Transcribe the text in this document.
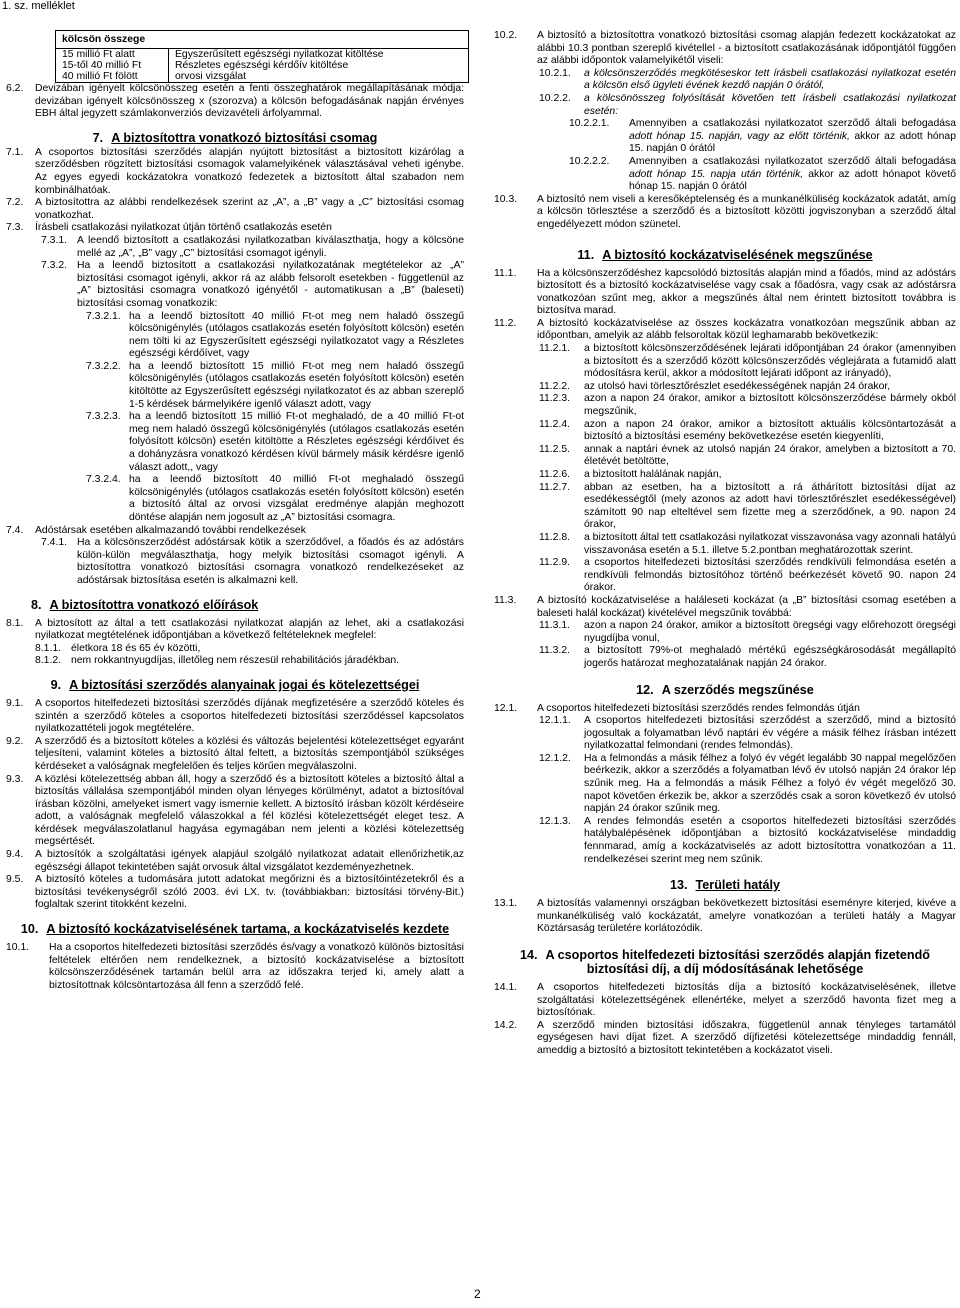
1. sz. melléklet
kölcsön összege	
15 millió Ft alatt	Egyszerűsített egészségi nyilatkozat kitöltése
15-től 40 millió Ft	Részletes egészségi kérdőív kitöltése
40 millió Ft fölött	orvosi vizsgálat
6.2.	Devizában igényelt kölcsönösszeg esetén a fenti összeghatárok megállapításának módja: devizában igényelt kölcsönösszeg x (szorozva) a kölcsön befogadásának napján érvényes EBH által jegyzett számlakonverziós devizavételi árfolyammal.
7. A biztosítottra vonatkozó biztosítási csomag
7.1.	A csoportos biztosítási szerződés alapján nyújtott biztosítást a biztosított kizárólag a szerződésben rögzített biztosítási csomagok valamelyikének választásával veheti igénybe. Az egyes egyedi kockázatokra vonatkozó fedezetek a biztosított által szabadon nem kombinálhatóak.
7.2.	A biztosítottra az alábbi rendelkezések szerint az „A”, a „B” vagy a „C” biztosítási csomag vonatkozhat.
7.3.	Írásbeli csatlakozási nyilatkozat útján történő csatlakozás esetén
7.3.1. A leendő biztosított a csatlakozási nyilatkozatban kiválaszthatja, hogy a kölcsöne mellé az „A”, „B” vagy „C” biztosítási csomagot igényli.
7.3.2. Ha a leendő biztosított a csatlakozási nyilatkozatának megtételekor az „A” biztosítási csomagot igényli, akkor rá az alább felsorolt esetekben - függetlenül az „A” biztosítási csomagra vonatkozó igényétől - automatikusan a „B” (baleseti) biztosítási csomag vonatkozik:
7.3.2.1. ha a leendő biztosított 40 millió Ft-ot meg nem haladó összegű kölcsönigénylés (utólagos csatlakozás esetén folyósított kölcsön) esetén nem tölti ki az Egyszerűsített egészségi nyilatkozatot vagy a Részletes egészségi kérdőívet, vagy
7.3.2.2. ha a leendő biztosított 15 millió Ft-ot meg nem haladó összegű kölcsönigénylés (utólagos csatlakozás esetén folyósított kölcsön) esetén kitöltötte az Egyszerűsített egészségi nyilatkozatot és az abban szereplő 1-5 kérdések bármelyikére igenlő választ adott, vagy
7.3.2.3. ha a leendő biztosított 15 millió Ft-ot meghaladó, de a 40 millió Ft-ot meg nem haladó összegű kölcsönigénylés (utólagos csatlakozás esetén folyósított kölcsön) esetén kitöltötte a Részletes egészségi kérdőívet és a dohányzásra vonatkozó kérdésen kívül bármely másik kérdésre igenlő választ adott,, vagy
7.3.2.4. ha a leendő biztosított 40 millió Ft-ot meghaladó összegű kölcsönigénylés (utólagos csatlakozás esetén folyósított kölcsön) esetén a biztosító által az orvosi vizsgálat eredménye alapján meghozott döntése alapján nem jogosult az „A” biztosítási csomagra.
7.4.	Adóstársak esetében alkalmazandó további rendelkezések
7.4.1. Ha a kölcsönszerződést adóstársak kötik a szerződővel, a főadós és az adóstárs külön-külön megválaszthatja, hogy melyik biztosítási csomagot igényli. A biztosítottra vonatkozó biztosítási csomagra vonatkozó rendelkezéseket az adóstársak biztosítása esetén is alkalmazni kell.
8. A biztosítottra vonatkozó előírások
8.1.	A biztosított az által a tett csatlakozási nyilatkozat alapján az lehet, aki a csatlakozási nyilatkozat megtételének időpontjában a következő feltételeknek megfelel:
8.1.1. életkora 18 és 65 év közötti,
8.1.2. nem rokkantnyugdíjas, illetőleg nem részesül rehabilitációs járadékban.
9. A biztosítási szerződés alanyainak jogai és kötelezettségei
9.1.	A csoportos hitelfedezeti biztosítási szerződés díjának megfizetésére a szerződő köteles és szintén a szerződő köteles a csoportos hitelfedezeti biztosítási szerződéssel kapcsolatos nyilatkozattételi jogok megtételére.
9.2.	A szerződő és a biztosított köteles a közlési és változás bejelentési kötelezettséget egyaránt teljesíteni, valamint köteles a biztosító által feltett, a biztosítás szempontjából szükséges kérdéseket a valóságnak megfelelően és teljes körűen megválaszolni.
9.3.	A közlési kötelezettség abban áll, hogy a szerződő és a biztosított köteles a biztosító által a biztosítás vállalása szempontjából minden olyan lényeges körülményt, adatot a biztosítóval írásban közölni, amelyeket ismert vagy ismernie kellett. A biztosító írásban közölt kérdéseire adott, a valóságnak megfelelő válaszokkal a fél közlési kötelezettségét eleget tesz. A kérdések megválaszolatlanul hagyása egymagában nem jelenti a közlési kötelezettség megsértését.
9.4.	A biztosítók a szolgáltatási igények alapjául szolgáló nyilatkozat adatait ellenőrizhetik,az egészségi állapot tekintetében saját orvosuk által vizsgálatot kezdeményezhetnek.
9.5.	A biztosító köteles a tudomására jutott adatokat megőrizni és a biztosítóintézetekről és a biztosítási tevékenységről szóló 2003. évi LX. tv. (továbbiakban: biztosítási törvény-Bit.) foglaltak szerint titokként kezelni.
10. A biztosító kockázatviselésének tartama, a kockázatviselés kezdete
10.1.	Ha a csoportos hitelfedezeti biztosítási szerződés és/vagy a vonatkozó különös biztosítási feltételek eltérően nem rendelkeznek, a biztosító kockázatviselése a biztosított kölcsönszerződésének tartamán belül arra az időszakra terjed ki, amely alatt a biztosítottnak kölcsöntartozása áll fenn a szerződő felé.
10.2.	A biztosító a biztosítottra vonatkozó biztosítási csomag alapján fedezett kockázatokat az alábbi 10.3 pontban szereplő kivétellel - a biztosított csatlakozásának időpontjától függően az alábbi időpontok valamelyikétől viseli:
10.2.1.	a kölcsönszerződés megkötéseskor tett írásbeli csatlakozási nyilatkozat esetén a kölcsön első ügyleti évének kezdő napján 0 órától,
10.2.2.	a kölcsönösszeg folyósítását követően tett írásbeli csatlakozási nyilatkozat esetén:
10.2.2.1.	Amennyiben a csatlakozási nyilatkozatot szerződő általi befogadása adott hónap 15. napján, vagy az előtt történik, akkor az adott hónap 15. napján 0 órától
10.2.2.2.	Amennyiben a csatlakozási nyilatkozatot szerződő általi befogadása adott hónap 15. napja után történik, akkor az adott hónapot követő hónap 15. napján 0 órától
10.3.	A biztosító nem viseli a keresőképtelenség és a munkanélküliség kockázatok adatát, amíg a kölcsön törlesztése a szerződő és a biztosított közötti jogviszonyban a szerződő által engedélyezett módon szünetel.
11. A biztosító kockázatviselésének megszűnése
11.1.	Ha a kölcsönszerződéshez kapcsolódó biztosítás alapján mind a főadós, mind az adóstárs biztosított és a biztosító kockázatviselése vagy csak a főadósra, vagy csak az adóstársra vonatkozóan szűnt meg, akkor a megszűnés által nem érintett biztosított továbbra is biztosítva marad.
11.2.	A biztosító kockázatviselése az összes kockázatra vonatkozóan megszűnik abban az időpontban, amelyik az alább felsoroltak közül leghamarabb bekövetkezik:
11.2.1.	a biztosított kölcsönszerződésének lejárati időpontjában 24 órakor (amennyiben a biztosított és a szerződő között kölcsönszerződés véglejárata a futamidő alatt módosításra kerül, akkor a módosított lejárati időpont az irányadó),
11.2.2.	az utolsó havi törlesztőrészlet esedékességének napján 24 órakor,
11.2.3.	azon a napon 24 órakor, amikor a biztosított kölcsönszerződése bármely okból megszűnik,
11.2.4.	azon a napon 24 órakor, amikor a biztosított aktuális kölcsöntartozását a biztosító a biztosítási esemény bekövetkezése esetén kiegyenlíti,
11.2.5.	annak a naptári évnek az utolsó napján 24 órakor, amelyben a biztosított a 70. életévét betöltötte,
11.2.6.	a biztosított halálának napján,
11.2.7.	abban az esetben, ha a biztosított a rá áthárított biztosítási díjat az esedékességtől (mely azonos az adott havi törlesztőrészlet esedékességével) számított 90 nap elteltével sem fizette meg a szerződőnek, a 90. napon 24 órakor,
11.2.8.	a biztosított által tett csatlakozási nyilatkozat visszavonása vagy azonnali hatályú visszavonása esetén a 5.1. illetve 5.2.pontban meghatározottak szerint.
11.2.9.	a csoportos hitelfedezeti biztosítási szerződés rendkívüli felmondása esetén a rendkívüli felmondás biztosítóhoz történő beérkezését követő 90. napon 24 órakor.
11.3.	A biztosító kockázatviselése a haláleseti kockázat (a „B” biztosítási csomag esetében a baleseti halál kockázat) kivételével megszűnik továbbá:
11.3.1.	azon a napon 24 órakor, amikor a biztosított öregségi vagy előrehozott öregségi nyugdíjba vonul,
11.3.2.	a biztosított 79%-ot meghaladó mértékű egészségkárosodását megállapító jogerős határozat meghozatalának napján 24 órakor.
12. A szerződés megszűnése
12.1.	A csoportos hitelfedezeti biztosítási szerződés rendes felmondás útján
12.1.1.	A csoportos hitelfedezeti biztosítási szerződést a szerződő, mind a biztosító jogosultak a folyamatban lévő naptári év végére a másik félhez írásban intézett nyilatkozattal felmondani (rendes felmondás).
12.1.2.	Ha a felmondás a másik félhez a folyó év végét legalább 30 nappal megelőzően beérkezik, akkor a szerződés a folyamatban lévő év utolsó napján 24 órakor lép szűnik meg. Ha a felmondás a másik Félhez a folyó év végét megelőző 30. napot követően érkezik be, akkor a szerződés csak a soron következő év utolsó napján 24 órakor szűnik meg.
12.1.3.	A rendes felmondás esetén a csoportos hitelfedezeti biztosítási szerződés hatálybalépésének időpontjában a biztosító kockázatviselése mindaddig fennmarad, amíg a kockázatviselés az adott biztosítottra vonatkozóan a 11. rendelkezései szerint meg nem szűnik.
13. Területi hatály
13.1.	A biztosítás valamennyi országban bekövetkezett biztosítási eseményre kiterjed, kivéve a munkanélküliség való kockázatát, amelyre vonatkozóan a területi hatály a Magyar Köztársaság területére korlátozódik.
14. A csoportos hitelfedezeti biztosítási szerződés alapján fizetendő biztosítási díj, a díj módosításának lehetősége
14.1.	A csoportos hitelfedezeti biztosítás díja a biztosító kockázatviselésének, illetve szolgáltatási kötelezettségének ellenértéke, melyet a szerződő havonta fizet meg a biztosítónak.
14.2.	A szerződő minden biztosítási időszakra, függetlenül annak tényleges tartamától egységesen havi díjat fizet. A szerződő díjfizetési kötelezettsége mindaddig fennáll, ameddig a biztosító a biztosított tekintetében a kockázatot viseli.
2
